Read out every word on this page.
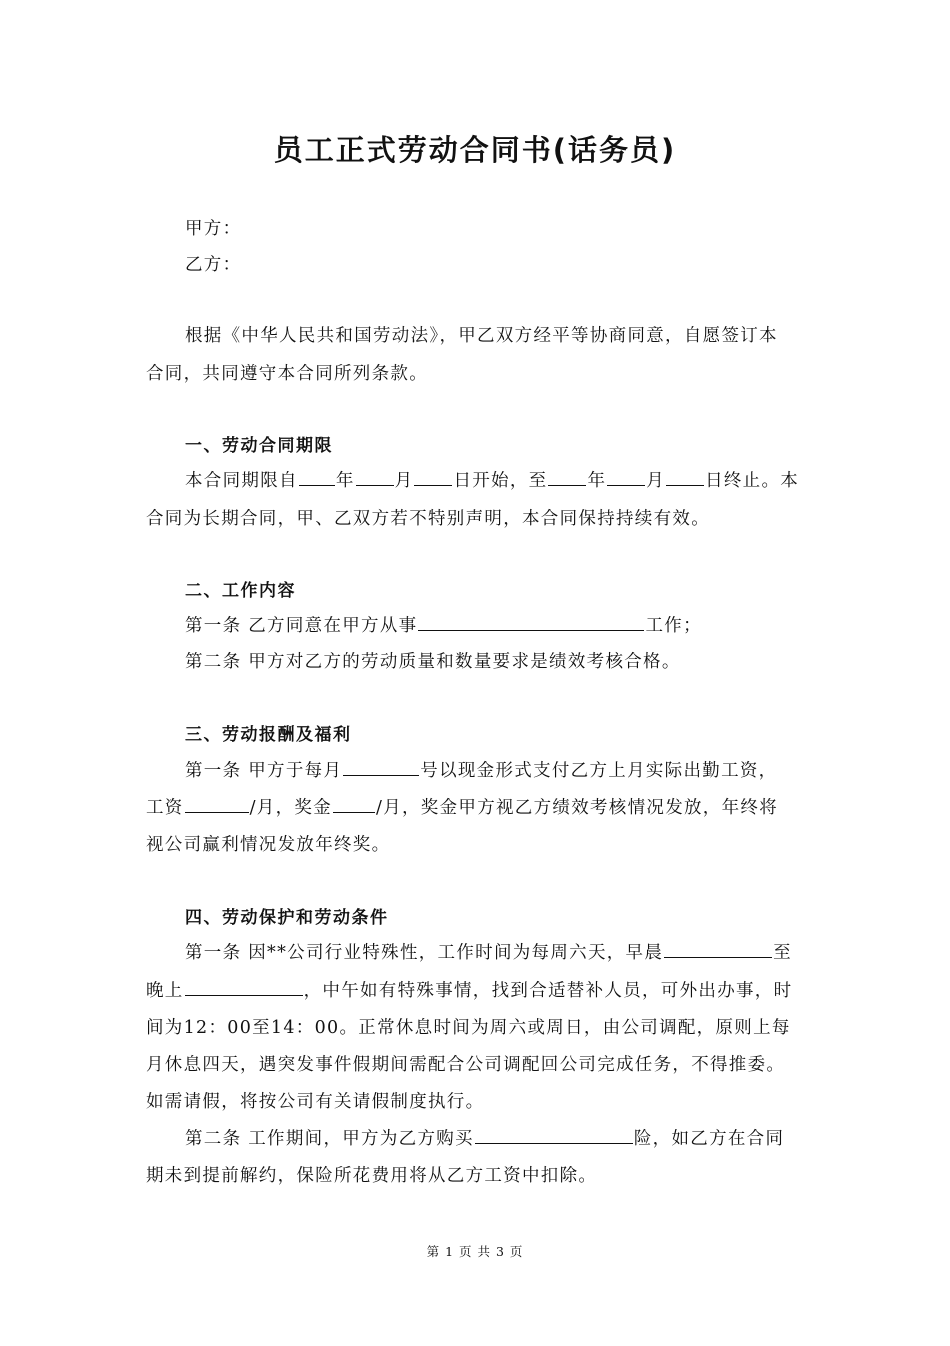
员工正式劳动合同书(话务员)
甲方：
乙方：
根据《中华人民共和国劳动法》，甲乙双方经平等协商同意，自愿签订本
合同，共同遵守本合同所列条款。
一、劳动合同期限
本合同期限自 年 月 日开始，至 年 月 日终止。本
合同为长期合同，甲、乙双方若不特别声明，本合同保持持续有效。
二、工作内容
第一条 乙方同意在甲方从事	工作；
第二条 甲方对乙方的劳动质量和数量要求是绩效考核合格。
三、劳动报酬及福利
第一条 甲方于每月	号以现金形式支付乙方上月实际出勤工资，
工资	/月，奖金	/月，奖金甲方视乙方绩效考核情况发放，年终将
视公司赢利情况发放年终奖。
四、劳动保护和劳动条件
第一条 因**公司行业特殊性，工作时间为每周六天，早晨	至
晚上	，中午如有特殊事情，找到合适替补人员，可外出办事，时
间为12：00至14：00。正常休息时间为周六或周日，由公司调配，原则上每
月休息四天，遇突发事件假期间需配合公司调配回公司完成任务，不得推委。
如需请假，将按公司有关请假制度执行。
第二条 工作期间，甲方为乙方购买	险，如乙方在合同
期未到提前解约，保险所花费用将从乙方工资中扣除。
第 1 页 共 3 页
